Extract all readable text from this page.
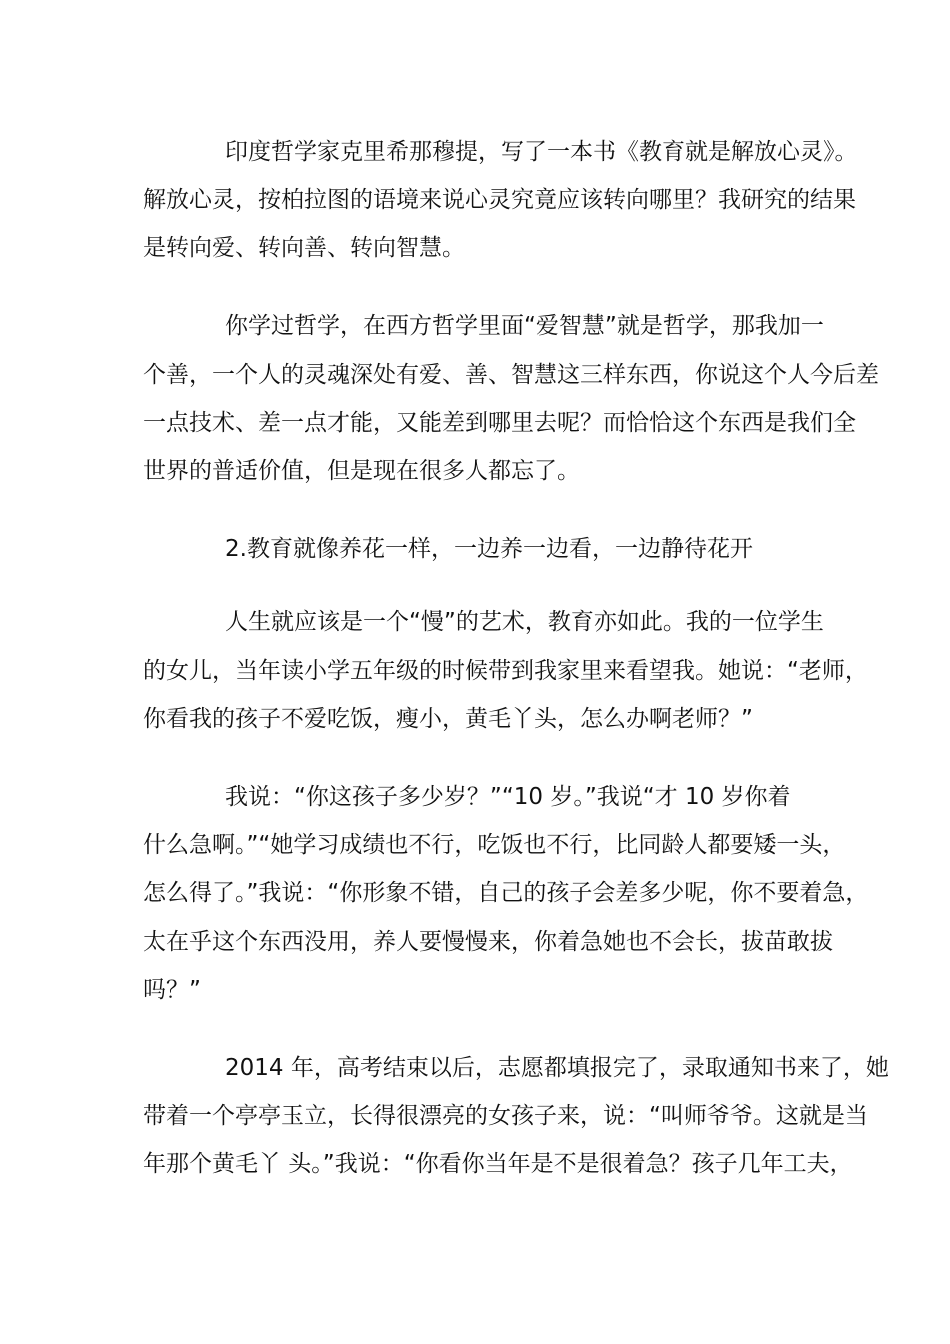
印度哲学家克里希那穆提，写了一本书《教育就是解放心灵》。
解放心灵，按柏拉图的语境来说心灵究竟应该转向哪里？我研究的结果
是转向爱、转向善、转向智慧。
你学过哲学，在西方哲学里面“爱智慧”就是哲学，那我加一
个善，一个人的灵魂深处有爱、善、智慧这三样东西，你说这个人今后差
一点技术、差一点才能，又能差到哪里去呢？而恰恰这个东西是我们全
世界的普适价值，但是现在很多人都忘了。
2.教育就像养花一样，一边养一边看，一边静待花开
人生就应该是一个“慢”的艺术，教育亦如此。我的一位学生
的女儿，当年读小学五年级的时候带到我家里来看望我。她说：“老师，
你看我的孩子不爱吃饭，瘦小，黄毛丫头，怎么办啊老师？”
我说：“你这孩子多少岁？”“10 岁。”我说“才 10 岁你着
什么急啊。”“她学习成绩也不行，吃饭也不行，比同龄人都要矮一头，
怎么得了。”我说：“你形象不错，自己的孩子会差多少呢，你不要着急，
太在乎这个东西没用，养人要慢慢来，你着急她也不会长，拔苗敢拔
吗？”
2014 年，高考结束以后，志愿都填报完了，录取通知书来了，她
带着一个亭亭玉立，长得很漂亮的女孩子来，说：“叫师爷爷。这就是当
年那个黄毛丫 头。”我说：“你看你当年是不是很着急？孩子几年工夫，
